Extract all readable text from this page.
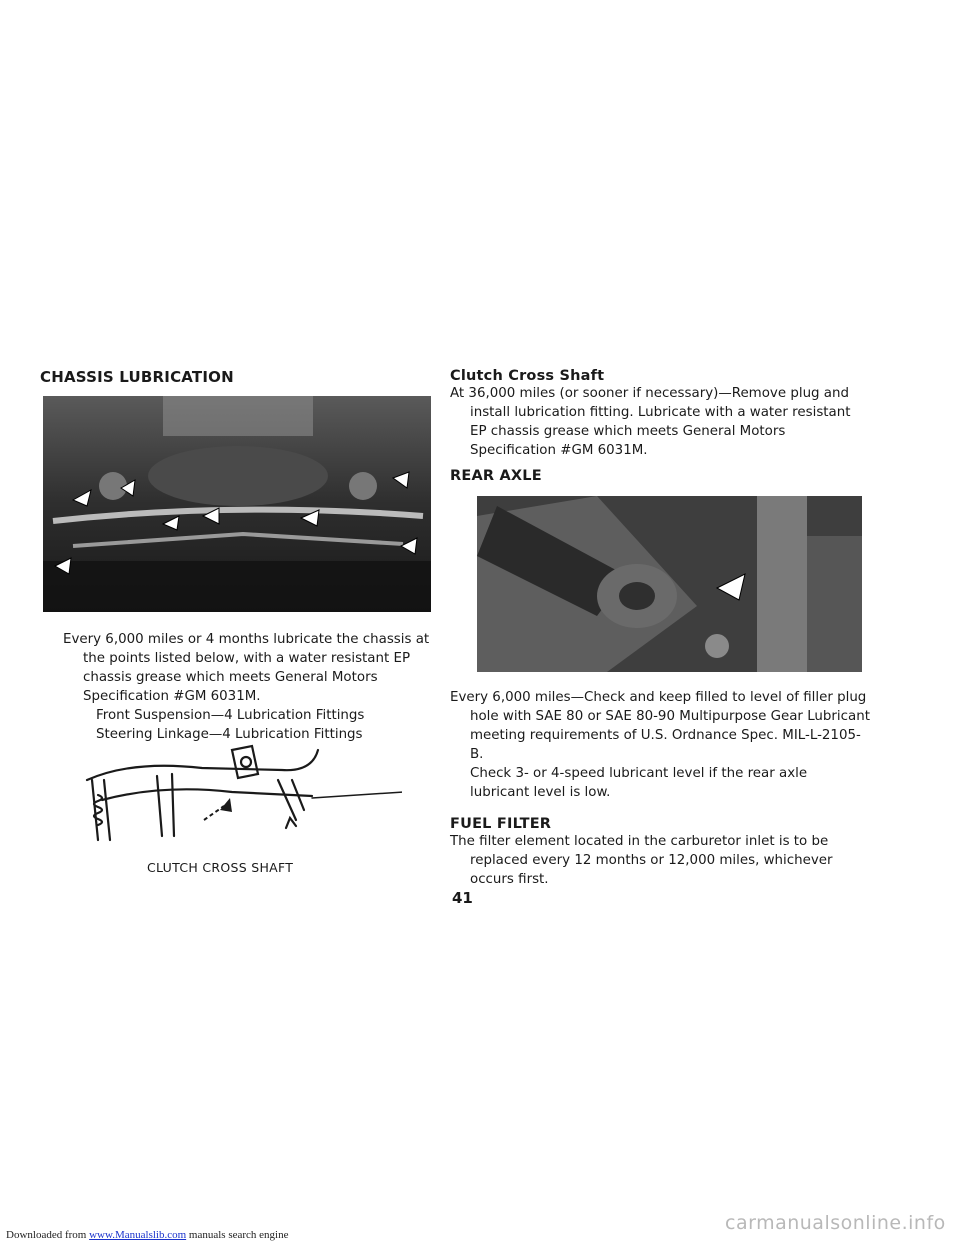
CHASSIS LUBRICATION

Every 6,000 miles or 4 months lubricate the chassis at the points listed below, with a water resistant EP chassis grease which meets General Motors Specification #GM 6031M.

Front Suspension—4 Lubrication Fittings
Steering Linkage—4 Lubrication Fittings
CLUTCH CROSS SHAFT
Clutch Cross Shaft

At 36,000 miles (or sooner if necessary)—Remove plug and install lubrication fitting. Lubricate with a water resistant EP chassis grease which meets General Motors Specification #GM 6031M.

REAR AXLE

Every 6,000 miles—Check and keep filled to level of filler plug hole with SAE 80 or SAE 80-90 Multipurpose Gear Lubricant meeting requirements of U.S. Ordnance Spec. MIL-L-2105-B.

Check 3- or 4-speed lubricant level if the rear axle lubricant level is low.
FUEL FILTER

The filter element located in the carburetor inlet is to be replaced every 12 months or 12,000 miles, whichever occurs first.

41
Downloaded from www.Manualslib.com manuals search engine
carmanualsonline.info
